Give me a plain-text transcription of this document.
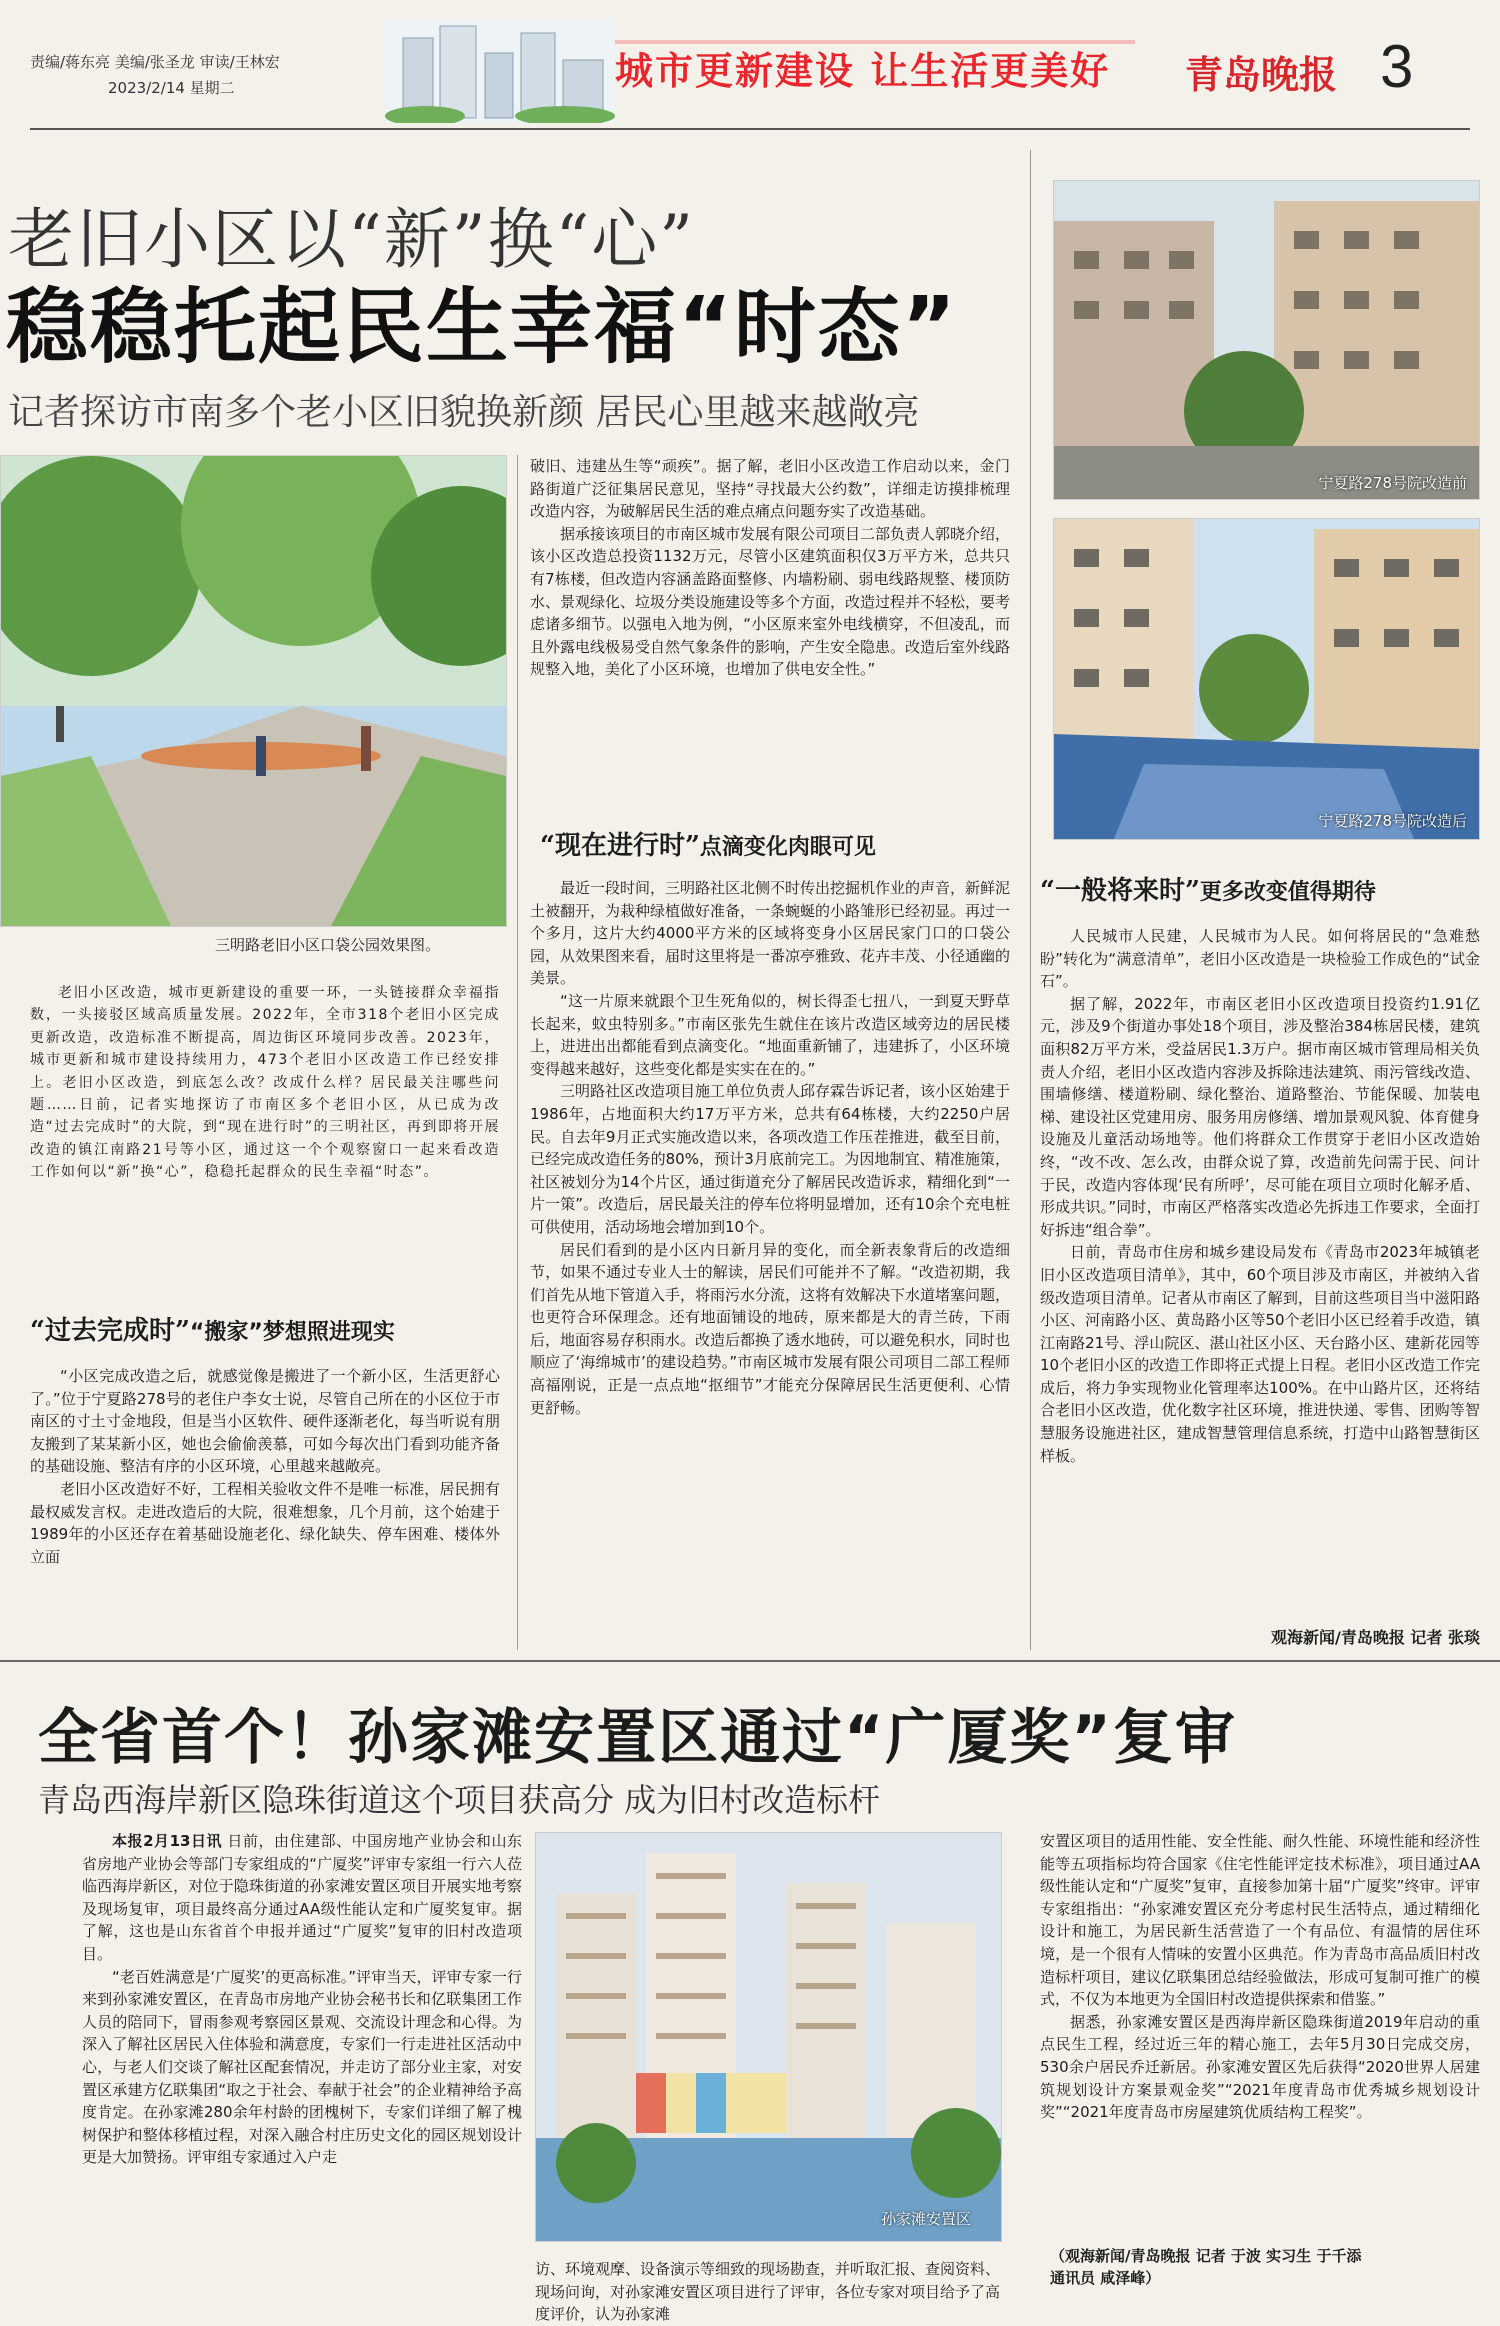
责编/蒋东亮 美编/张圣龙 审读/王林宏
2023/2/14 星期二	城市更新建设 让生活更美好 青岛晚报 3
老旧小区以“新”换“心”
稳稳托起民生幸福“时态”
记者探访市南多个老小区旧貌换新颜 居民心里越来越敞亮
三明路老旧小区口袋公园效果图。
宁夏路278号院改造前
宁夏路278号院改造后

老旧小区改造，城市更新建设的重要一环，一头链接群众幸福指数，一头接驳区域高质量发展。2022年，全市318个老旧小区完成更新改造，改造标准不断提高，周边街区环境同步改善。2023年，城市更新和城市建设持续用力，473个老旧小区改造工作已经安排上。老旧小区改造，到底怎么改？改成什么样？居民最关注哪些问题……日前，记者实地探访了市南区多个老旧小区，从已成为改造“过去完成时”的大院，到“现在进行时”的三明社区，再到即将开展改造的镇江南路21号等小区，通过这一个个观察窗口一起来看改造工作如何以“新”换“心”，稳稳托起群众的民生幸福“时态”。

“过去完成时”“搬家”梦想照进现实

“小区完成改造之后，就感觉像是搬进了一个新小区，生活更舒心了。”位于宁夏路278号的老住户李女士说，尽管自己所在的小区位于市南区的寸土寸金地段，但是当小区软件、硬件逐渐老化，每当听说有朋友搬到了某某新小区，她也会偷偷羡慕，可如今每次出门看到功能齐备的基础设施、整洁有序的小区环境，心里越来越敞亮。

老旧小区改造好不好，工程相关验收文件不是唯一标准，居民拥有最权威发言权。走进改造后的大院，很难想象，几个月前，这个始建于1989年的小区还存在着基础设施老化、绿化缺失、停车困难、楼体外立面

破旧、违建丛生等“顽疾”。据了解，老旧小区改造工作启动以来，金门路街道广泛征集居民意见，坚持“寻找最大公约数”，详细走访摸排梳理改造内容，为破解居民生活的难点痛点问题夯实了改造基础。

据承接该项目的市南区城市发展有限公司项目二部负责人郭晓介绍，该小区改造总投资1132万元，尽管小区建筑面积仅3万平方米，总共只有7栋楼，但改造内容涵盖路面整修、内墙粉刷、弱电线路规整、楼顶防水、景观绿化、垃圾分类设施建设等多个方面，改造过程并不轻松，要考虑诸多细节。以强电入地为例，“小区原来室外电线横穿，不但凌乱，而且外露电线极易受自然气象条件的影响，产生安全隐患。改造后室外线路规整入地，美化了小区环境，也增加了供电安全性。”

“现在进行时”点滴变化肉眼可见

最近一段时间，三明路社区北侧不时传出挖掘机作业的声音，新鲜泥土被翻开，为栽种绿植做好准备，一条蜿蜒的小路雏形已经初显。再过一个多月，这片大约4000平方米的区域将变身小区居民家门口的口袋公园，从效果图来看，届时这里将是一番凉亭雅致、花卉丰茂、小径通幽的美景。

“这一片原来就跟个卫生死角似的，树长得歪七扭八，一到夏天野草长起来，蚊虫特别多。”市南区张先生就住在该片改造区域旁边的居民楼上，进进出出都能看到点滴变化。“地面重新铺了，违建拆了，小区环境变得越来越好，这些变化都是实实在在的。”

三明路社区改造项目施工单位负责人邱存霖告诉记者，该小区始建于1986年，占地面积大约17万平方米，总共有64栋楼，大约2250户居民。自去年9月正式实施改造以来，各项改造工作压茬推进，截至目前，已经完成改造任务的80%，预计3月底前完工。为因地制宜、精准施策，社区被划分为14个片区，通过街道充分了解居民改造诉求，精细化到“一片一策”。改造后，居民最关注的停车位将明显增加，还有10余个充电桩可供使用，活动场地会增加到10个。

居民们看到的是小区内日新月异的变化，而全新表象背后的改造细节，如果不通过专业人士的解读，居民们可能并不了解。“改造初期，我们首先从地下管道入手，将雨污水分流，这将有效解决下水道堵塞问题，也更符合环保理念。还有地面铺设的地砖，原来都是大的青兰砖，下雨后，地面容易存积雨水。改造后都换了透水地砖，可以避免积水，同时也顺应了‘海绵城市’的建设趋势。”市南区城市发展有限公司项目二部工程师高福刚说，正是一点点地“抠细节”才能充分保障居民生活更便利、心情更舒畅。

“一般将来时”更多改变值得期待

人民城市人民建，人民城市为人民。如何将居民的“急难愁盼”转化为“满意清单”，老旧小区改造是一块检验工作成色的“试金石”。

据了解，2022年，市南区老旧小区改造项目投资约1.91亿元，涉及9个街道办事处18个项目，涉及整治384栋居民楼，建筑面积82万平方米，受益居民1.3万户。据市南区城市管理局相关负责人介绍，老旧小区改造内容涉及拆除违法建筑、雨污管线改造、围墙修缮、楼道粉刷、绿化整治、道路整治、节能保暖、加装电梯、建设社区党建用房、服务用房修缮、增加景观风貌、体育健身设施及儿童活动场地等。他们将群众工作贯穿于老旧小区改造始终，“改不改、怎么改，由群众说了算，改造前先问需于民、问计于民，改造内容体现‘民有所呼’，尽可能在项目立项时化解矛盾、形成共识。”同时，市南区严格落实改造必先拆违工作要求，全面打好拆违“组合拳”。

日前，青岛市住房和城乡建设局发布《青岛市2023年城镇老旧小区改造项目清单》，其中，60个项目涉及市南区，并被纳入省级改造项目清单。记者从市南区了解到，目前这些项目当中滋阳路小区、河南路小区、黄岛路小区等50个老旧小区已经着手改造，镇江南路21号、浮山院区、湛山社区小区、天台路小区、建新花园等10个老旧小区的改造工作即将正式提上日程。老旧小区改造工作完成后，将力争实现物业化管理率达100%。在中山路片区，还将结合老旧小区改造，优化数字社区环境，推进快递、零售、团购等智慧服务设施进社区，建成智慧管理信息系统，打造中山路智慧街区样板。

观海新闻/青岛晚报 记者 张琰
全省首个！孙家滩安置区通过“广厦奖”复审
青岛西海岸新区隐珠街道这个项目获高分 成为旧村改造标杆

本报2月13日讯 日前，由住建部、中国房地产业协会和山东省房地产业协会等部门专家组成的“广厦奖”评审专家组一行六人莅临西海岸新区，对位于隐珠街道的孙家滩安置区项目开展实地考察及现场复审，项目最终高分通过AA级性能认定和广厦奖复审。据了解，这也是山东省首个申报并通过“广厦奖”复审的旧村改造项目。

“老百姓满意是‘广厦奖’的更高标准。”评审当天，评审专家一行来到孙家滩安置区，在青岛市房地产业协会秘书长和亿联集团工作人员的陪同下，冒雨参观考察园区景观、交流设计理念和心得。为深入了解社区居民入住体验和满意度，专家们一行走进社区活动中心，与老人们交谈了解社区配套情况，并走访了部分业主家，对安置区承建方亿联集团“取之于社会、奉献于社会”的企业精神给予高度肯定。在孙家滩280余年村龄的团槐树下，专家们详细了解了槐树保护和整体移植过程，对深入融合村庄历史文化的园区规划设计更是大加赞扬。评审组专家通过入户走

孙家滩安置区

访、环境观摩、设备演示等细致的现场勘查，并听取汇报、查阅资料、现场问询，对孙家滩安置区项目进行了评审，各位专家对项目给予了高度评价，认为孙家滩

安置区项目的适用性能、安全性能、耐久性能、环境性能和经济性能等五项指标均符合国家《住宅性能评定技术标准》，项目通过AA级性能认定和“广厦奖”复审，直接参加第十届“广厦奖”终审。评审专家组指出：“孙家滩安置区充分考虑村民生活特点，通过精细化设计和施工，为居民新生活营造了一个有品位、有温情的居住环境，是一个很有人情味的安置小区典范。作为青岛市高品质旧村改造标杆项目，建议亿联集团总结经验做法，形成可复制可推广的模式，不仅为本地更为全国旧村改造提供探索和借鉴。”

据悉，孙家滩安置区是西海岸新区隐珠街道2019年启动的重点民生工程，经过近三年的精心施工，去年5月30日完成交房，530余户居民乔迁新居。孙家滩安置区先后获得“2020世界人居建筑规划设计方案景观金奖”“2021年度青岛市优秀城乡规划设计奖”“2021年度青岛市房屋建筑优质结构工程奖”。

（观海新闻/青岛晚报 记者 于波 实习生 于千添
通讯员 咸泽峰）
